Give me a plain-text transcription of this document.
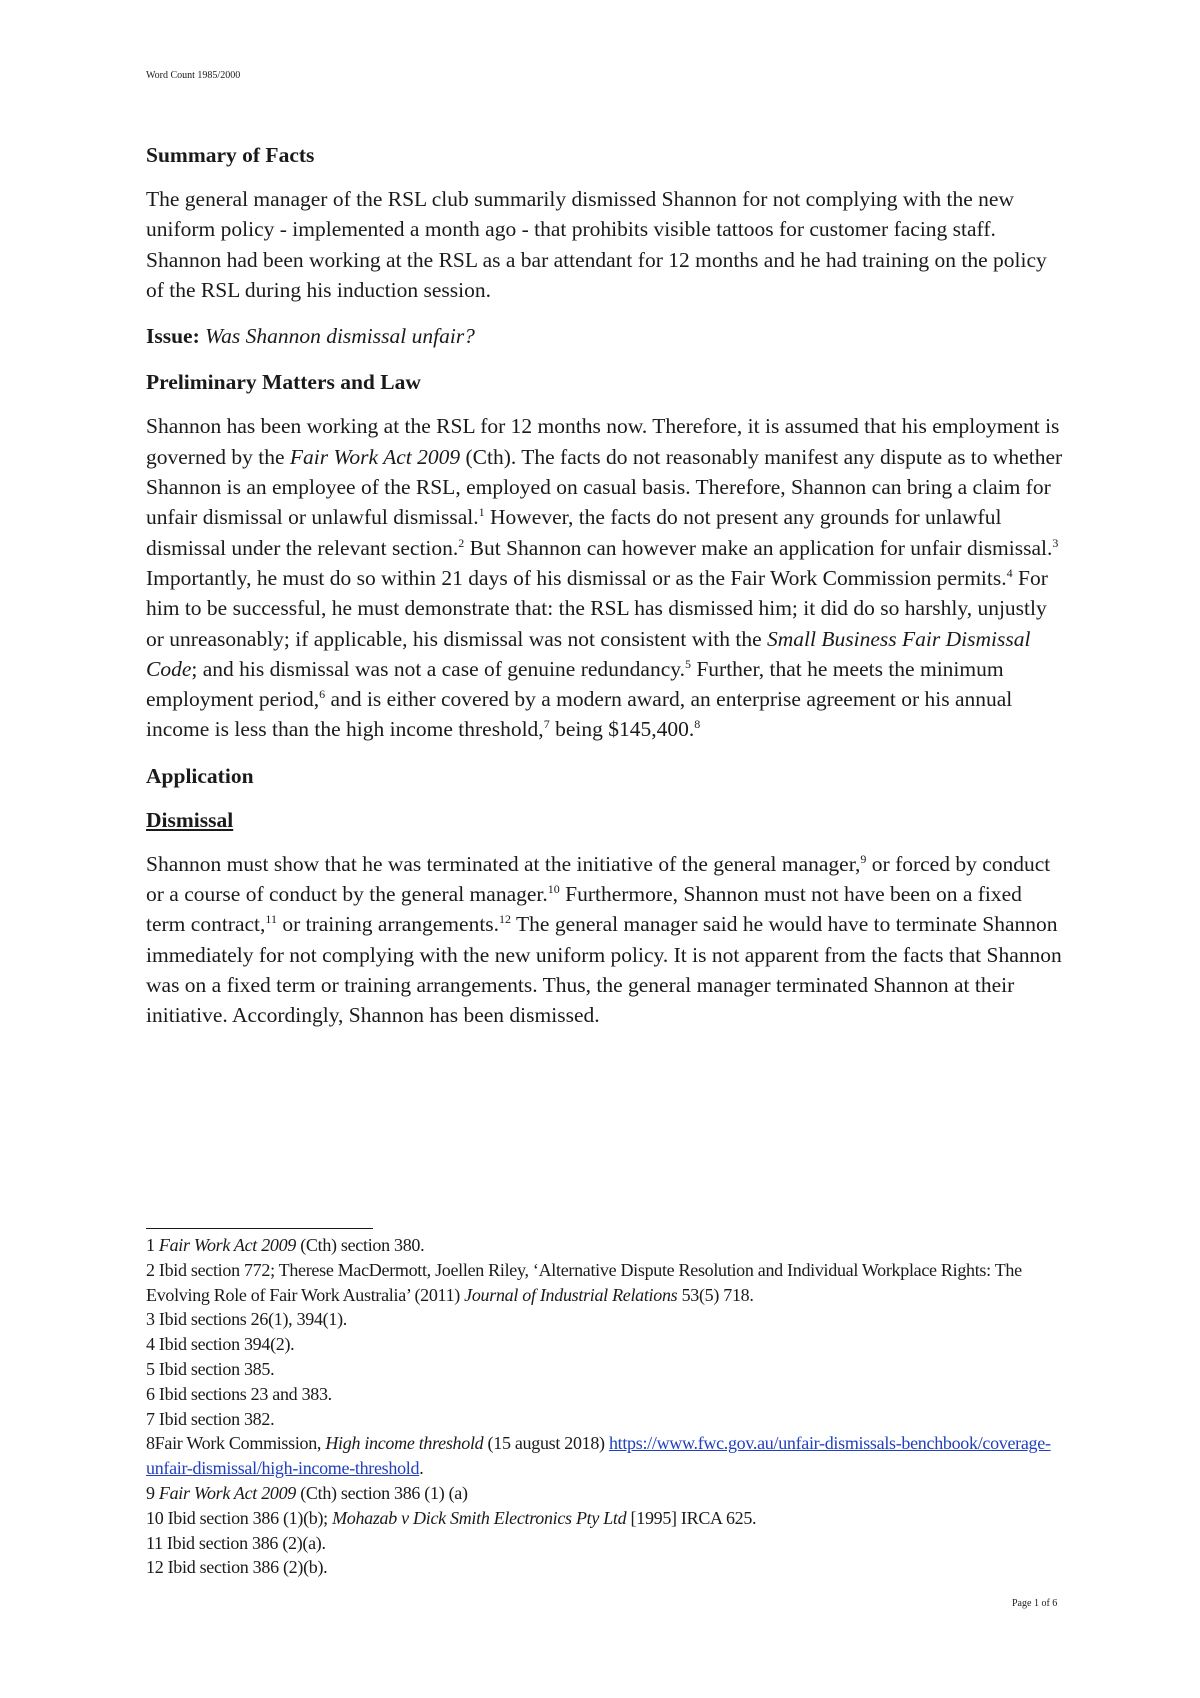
Word Count 1985/2000
Summary of Facts

The general manager of the RSL club summarily dismissed Shannon for not complying with the new uniform policy - implemented a month ago - that prohibits visible tattoos for customer facing staff. Shannon had been working at the RSL as a bar attendant for 12 months and he had training on the policy of the RSL during his induction session.

Issue: Was Shannon dismissal unfair?

Preliminary Matters and Law

Shannon has been working at the RSL for 12 months now. Therefore, it is assumed that his employment is governed by the Fair Work Act 2009 (Cth). The facts do not reasonably manifest any dispute as to whether Shannon is an employee of the RSL, employed on casual basis. Therefore, Shannon can bring a claim for unfair dismissal or unlawful dismissal.$^1$ However, the facts do not present any grounds for unlawful dismissal under the relevant section.$^2$ But Shannon can however make an application for unfair dismissal.$^3$ Importantly, he must do so within 21 days of his dismissal or as the Fair Work Commission permits.$^4$ For him to be successful, he must demonstrate that: the RSL has dismissed him; it did do so harshly, unjustly or unreasonably; if applicable, his dismissal was not consistent with the Small Business Fair Dismissal Code; and his dismissal was not a case of genuine redundancy.$^5$ Further, that he meets the minimum employment period,$^6$ and is either covered by a modern award, an enterprise agreement or his annual income is less than the high income threshold,$^7$ being $145,400.$^8$

Application
Dismissal

Shannon must show that he was terminated at the initiative of the general manager,$^9$ or forced by conduct or a course of conduct by the general manager.$^{10}$ Furthermore, Shannon must not have been on a fixed term contract,$^{11}$ or training arrangements.$^{12}$ The general manager said he would have to terminate Shannon immediately for not complying with the new uniform policy. It is not apparent from the facts that Shannon was on a fixed term or training arrangements. Thus, the general manager terminated Shannon at their initiative. Accordingly, Shannon has been dismissed.

1 Fair Work Act 2009 (Cth) section 380.
2 Ibid section 772; Therese MacDermott, Joellen Riley, ‘Alternative Dispute Resolution and Individual Workplace Rights: The Evolving Role of Fair Work Australia’ (2011) Journal of Industrial Relations 53(5) 718.
3 Ibid sections 26(1), 394(1).
4 Ibid section 394(2).
5 Ibid section 385.
6 Ibid sections 23 and 383.
7 Ibid section 382.
8Fair Work Commission, High income threshold (15 august 2018) https://www.fwc.gov.au/unfair-dismissals-benchbook/coverage-unfair-dismissal/high-income-threshold.
9 Fair Work Act 2009 (Cth) section 386 (1) (a)
10 Ibid section 386 (1)(b); Mohazab v Dick Smith Electronics Pty Ltd [1995] IRCA 625.
11 Ibid section 386 (2)(a).
12 Ibid section 386 (2)(b).
Page 1 of 6
